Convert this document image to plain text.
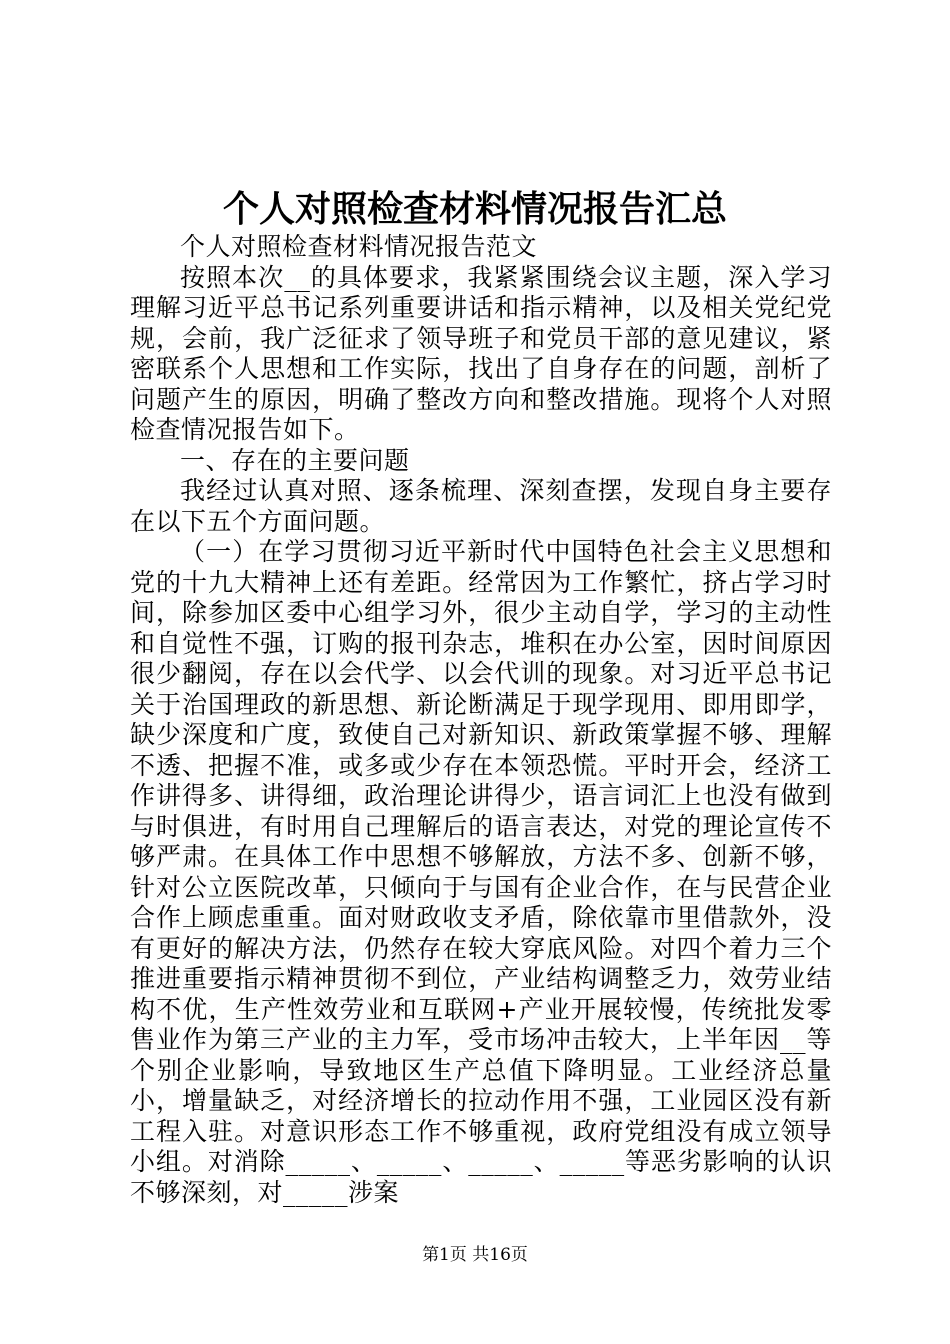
个人对照检查材料情况报告汇总

个人对照检查材料情况报告范文

按照本次__的具体要求，我紧紧围绕会议主题，深入学习理解习近平总书记系列重要讲话和指示精神，以及相关党纪党规，会前，我广泛征求了领导班子和党员干部的意见建议，紧密联系个人思想和工作实际，找出了自身存在的问题，剖析了问题产生的原因，明确了整改方向和整改措施。现将个人对照检查情况报告如下。

一、存在的主要问题

我经过认真对照、逐条梳理、深刻查摆，发现自身主要存在以下五个方面问题。

（一）在学习贯彻习近平新时代中国特色社会主义思想和党的十九大精神上还有差距。经常因为工作繁忙，挤占学习时间，除参加区委中心组学习外，很少主动自学，学习的主动性和自觉性不强，订购的报刊杂志，堆积在办公室，因时间原因很少翻阅，存在以会代学、以会代训的现象。对习近平总书记关于治国理政的新思想、新论断满足于现学现用、即用即学，缺少深度和广度，致使自己对新知识、新政策掌握不够、理解不透、把握不准，或多或少存在本领恐慌。平时开会，经济工作讲得多、讲得细，政治理论讲得少，语言词汇上也没有做到与时俱进，有时用自己理解后的语言表达，对党的理论宣传不够严肃。在具体工作中思想不够解放，方法不多、创新不够，针对公立医院改革，只倾向于与国有企业合作，在与民营企业合作上顾虑重重。面对财政收支矛盾，除依靠市里借款外，没有更好的解决方法，仍然存在较大穿底风险。对四个着力三个推进重要指示精神贯彻不到位，产业结构调整乏力，效劳业结构不优，生产性效劳业和互联网+产业开展较慢，传统批发零售业作为第三产业的主力军，受市场冲击较大，上半年因__等个别企业影响，导致地区生产总值下降明显。工业经济总量小，增量缺乏，对经济增长的拉动作用不强，工业园区没有新工程入驻。对意识形态工作不够重视，政府党组没有成立领导小组。对消除_____、_____、_____、_____等恶劣影响的认识不够深刻，对_____涉案

第1页 共16页
